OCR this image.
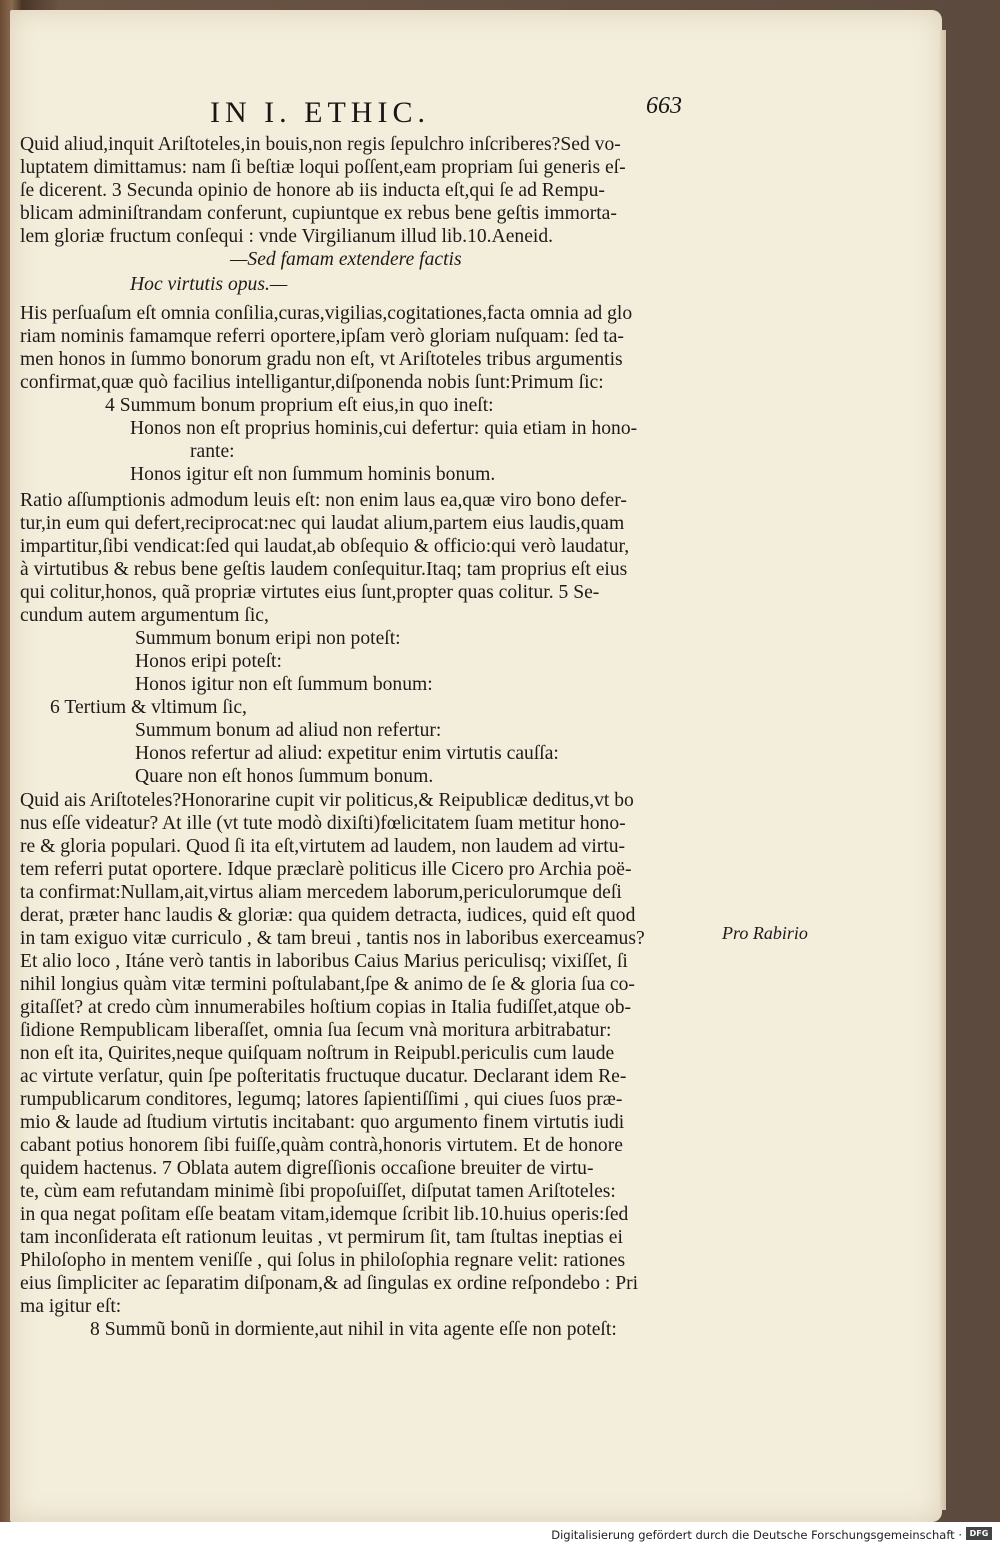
IN I. ETHIC.	663
Quid aliud,inquit Ariſtoteles,in bouis,non regis ſepulchro inſcriberes?Sed vo-
luptatem dimittamus: nam ſi beſtiæ loqui poſſent,eam propriam ſui generis eſ-
ſe dicerent. 3 Secunda opinio de honore ab iis inducta eſt,qui ſe ad Rempu-
blicam adminiſtrandam conferunt, cupiuntque ex rebus bene geſtis immorta-
lem gloriæ fructum conſequi : vnde Virgilianum illud lib.10.Aeneid.
—Sed famam extendere factis
Hoc virtutis opus.—
His perſuaſum eſt omnia conſilia,curas,vigilias,cogitationes,facta omnia ad glo
riam nominis famamque referri oportere,ipſam verò gloriam nuſquam: ſed ta-
men honos in ſummo bonorum gradu non eſt, vt Ariſtoteles tribus argumentis
confirmat,quæ quò facilius intelligantur,diſponenda nobis ſunt:Primum ſic:
4 Summum bonum proprium eſt eius,in quo ineſt:
Honos non eſt proprius hominis,cui defertur: quia etiam in hono-
rante:
Honos igitur eſt non ſummum hominis bonum.
Ratio aſſumptionis admodum leuis eſt: non enim laus ea,quæ viro bono defer-
tur,in eum qui defert,reciprocat:nec qui laudat alium,partem eius laudis,quam
impartitur,ſibi vendicat:ſed qui laudat,ab obſequio & officio:qui verò laudatur,
à virtutibus & rebus bene geſtis laudem conſequitur.Itaq; tam proprius eſt eius
qui colitur,honos, quã propriæ virtutes eius ſunt,propter quas colitur. 5 Se-
cundum autem argumentum ſic,
Summum bonum eripi non poteſt:
Honos eripi poteſt:
Honos igitur non eſt ſummum bonum:
6 Tertium & vltimum ſic,
Summum bonum ad aliud non refertur:
Honos refertur ad aliud: expetitur enim virtutis cauſſa:
Quare non eſt honos ſummum bonum.
Quid ais Ariſtoteles?Honorarine cupit vir politicus,& Reipublicæ deditus,vt bo
nus eſſe videatur? At ille (vt tute modò dixiſti)fœlicitatem ſuam metitur hono-
re & gloria populari. Quod ſi ita eſt,virtutem ad laudem, non laudem ad virtu-
tem referri putat oportere. Idque præclarè politicus ille Cicero pro Archia poë-
ta confirmat:Nullam,ait,virtus aliam mercedem laborum,periculorumque deſi
derat, præter hanc laudis & gloriæ: qua quidem detracta, iudices, quid eſt quod
in tam exiguo vitæ curriculo , & tam breui , tantis nos in laboribus exerceamus?
Et alio loco , Itáne verò tantis in laboribus Caius Marius periculisq; vixiſſet, ſi
nihil longius quàm vitæ termini poſtulabant,ſpe & animo de ſe & gloria ſua co-
gitaſſet? at credo cùm innumerabiles hoſtium copias in Italia fudiſſet,atque ob-
ſidione Rempublicam liberaſſet, omnia ſua ſecum vnà moritura arbitrabatur:
non eſt ita, Quirites,neque quiſquam noſtrum in Reipubl.periculis cum laude
ac virtute verſatur, quin ſpe poſteritatis fructuque ducatur. Declarant idem Re-
rumpublicarum conditores, legumq; latores ſapientiſſimi , qui ciues ſuos præ-
mio & laude ad ſtudium virtutis incitabant: quo argumento finem virtutis iudi
cabant potius honorem ſibi fuiſſe,quàm contrà,honoris virtutem. Et de honore
quidem hactenus. 7 Oblata autem digreſſionis occaſione breuiter de virtu-
te, cùm eam refutandam minimè ſibi propoſuiſſet, diſputat tamen Ariſtoteles:
in qua negat poſitam eſſe beatam vitam,idemque ſcribit lib.10.huius operis:ſed
tam inconſiderata eſt rationum leuitas , vt permirum ſit, tam ſtultas ineptias ei
Philoſopho in mentem veniſſe , qui ſolus in philoſophia regnare velit: rationes
eius ſimpliciter ac ſeparatim diſponam,& ad ſingulas ex ordine reſpondebo : Pri
ma igitur eſt:
8 Summũ bonũ in dormiente,aut nihil in vita agente eſſe non poteſt:
Pro Rabirio
Digitalisierung gefördert durch die Deutsche Forschungsgemeinschaft · DFG
